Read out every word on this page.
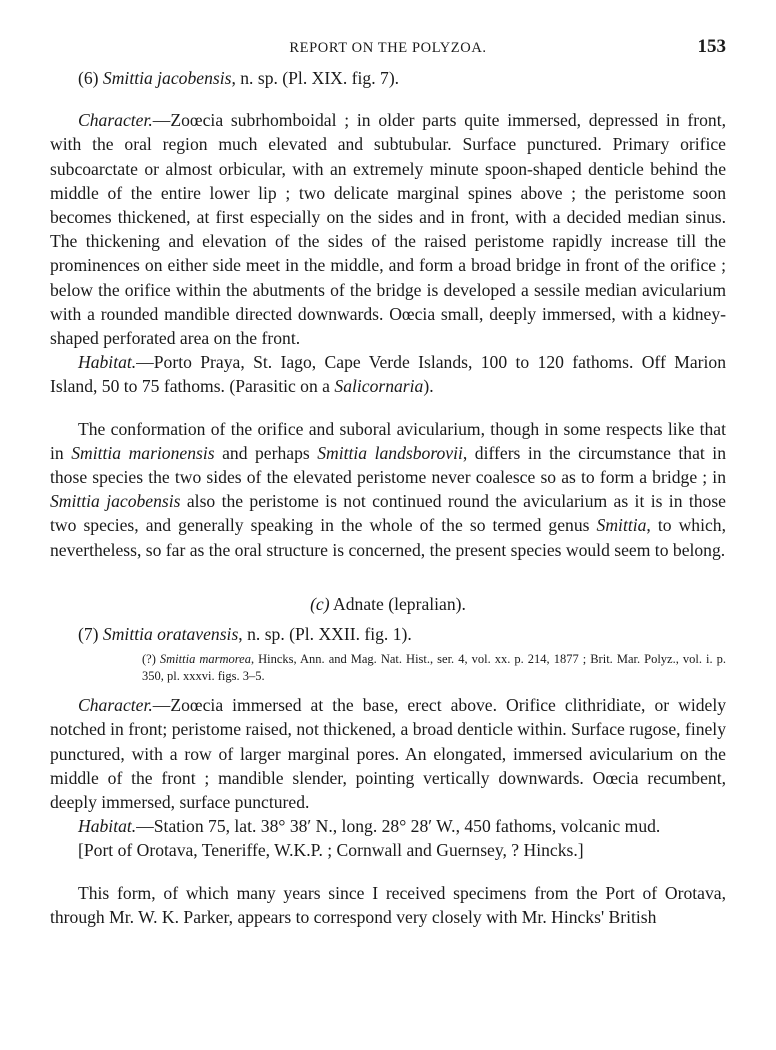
REPORT ON THE POLYZOA.	153

(6) Smittia jacobensis, n. sp. (Pl. XIX. fig. 7).

Character.—Zoœcia subrhomboidal ; in older parts quite immersed, depressed in front, with the oral region much elevated and subtubular. Surface punctured. Primary orifice subcoarctate or almost orbicular, with an extremely minute spoon-shaped denticle behind the middle of the entire lower lip ; two delicate marginal spines above ; the peristome soon becomes thickened, at first especially on the sides and in front, with a decided median sinus. The thickening and elevation of the sides of the raised peristome rapidly increase till the prominences on either side meet in the middle, and form a broad bridge in front of the orifice ; below the orifice within the abutments of the bridge is developed a sessile median avicularium with a rounded mandible directed downwards. Oœcia small, deeply immersed, with a kidney-shaped perforated area on the front.

Habitat.—Porto Praya, St. Iago, Cape Verde Islands, 100 to 120 fathoms. Off Marion Island, 50 to 75 fathoms. (Parasitic on a Salicornaria).

The conformation of the orifice and suboral avicularium, though in some respects like that in Smittia marionensis and perhaps Smittia landsborovii, differs in the circumstance that in those species the two sides of the elevated peristome never coalesce so as to form a bridge ; in Smittia jacobensis also the peristome is not continued round the avicularium as it is in those two species, and generally speaking in the whole of the so termed genus Smittia, to which, nevertheless, so far as the oral structure is concerned, the present species would seem to belong.

(c) Adnate (lepralian).

(7) Smittia oratavensis, n. sp. (Pl. XXII. fig. 1).

(?) Smittia marmorea, Hincks, Ann. and Mag. Nat. Hist., ser. 4, vol. xx. p. 214, 1877 ; Brit. Mar. Polyz., vol. i. p. 350, pl. xxxvi. figs. 3–5.

Character.—Zoœcia immersed at the base, erect above. Orifice clithridiate, or widely notched in front; peristome raised, not thickened, a broad denticle within. Surface rugose, finely punctured, with a row of larger marginal pores. An elongated, immersed avicularium on the middle of the front ; mandible slender, pointing vertically downwards. Oœcia recumbent, deeply immersed, surface punctured.

Habitat.—Station 75, lat. 38° 38′ N., long. 28° 28′ W., 450 fathoms, volcanic mud.

[Port of Orotava, Teneriffe, W.K.P. ; Cornwall and Guernsey, ? Hincks.]

This form, of which many years since I received specimens from the Port of Orotava, through Mr. W. K. Parker, appears to correspond very closely with Mr. Hincks' British
